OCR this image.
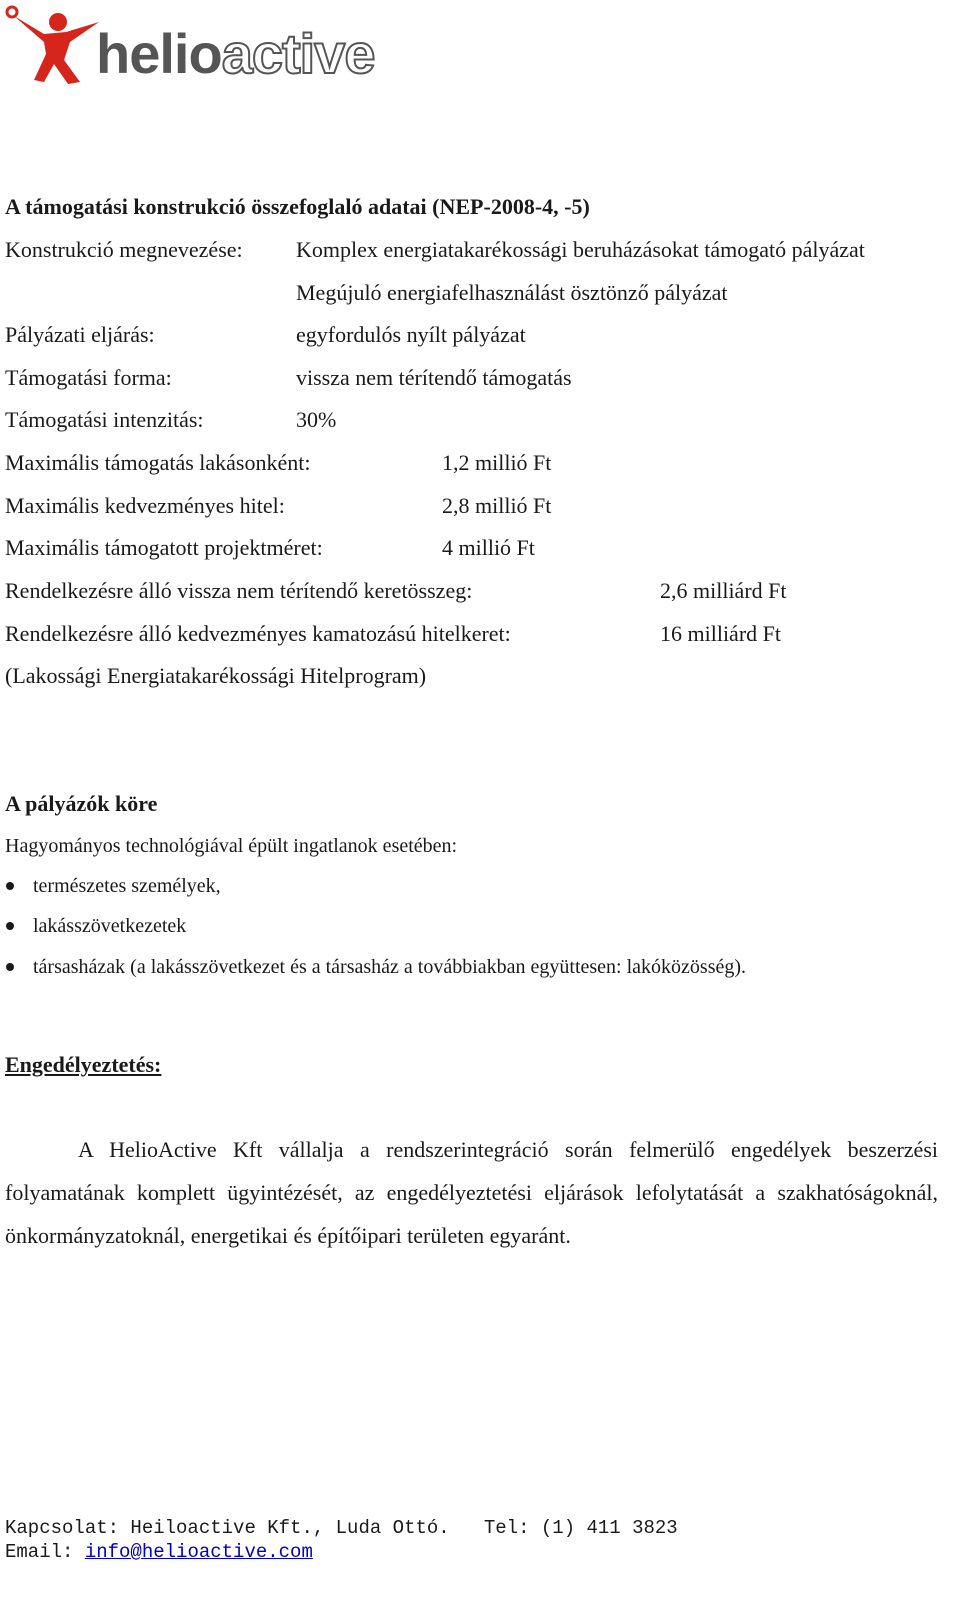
helioactive
A támogatási konstrukció összefoglaló adatai (NEP-2008-4, -5)
Konstrukció megnevezése: Komplex energiatakarékossági beruházásokat támogató pályázat
Megújuló energiafelhasználást ösztönző pályázat
Pályázati eljárás:	egyfordulós nyílt pályázat
Támogatási forma:	vissza nem térítendő támogatás
Támogatási intenzitás:	30%
Maximális támogatás lakásonként:	1,2 millió Ft
Maximális kedvezményes hitel:	2,8 millió Ft
Maximális támogatott projektméret:	4 millió Ft
Rendelkezésre álló vissza nem térítendő keretösszeg:	2,6 milliárd Ft
Rendelkezésre álló kedvezményes kamatozású hitelkeret:	16 milliárd Ft
(Lakossági Energiatakarékossági Hitelprogram)
A pályázók köre
Hagyományos technológiával épült ingatlanok esetében:
természetes személyek,
lakásszövetkezetek
társasházak (a lakásszövetkezet és a társasház a továbbiakban együttesen: lakóközösség).
Engedélyeztetés:
A HelioActive Kft vállalja a rendszerintegráció során felmerülő engedélyek beszerzési folyamatának komplett ügyintézését, az engedélyeztetési eljárások lefolytatását a szakhatóságoknál, önkormányzatoknál, energetikai és építőipari területen egyaránt.
Kapcsolat: Heiloactive Kft., Luda Ottó.   Tel: (1) 411 3823
Email: info@helioactive.com
